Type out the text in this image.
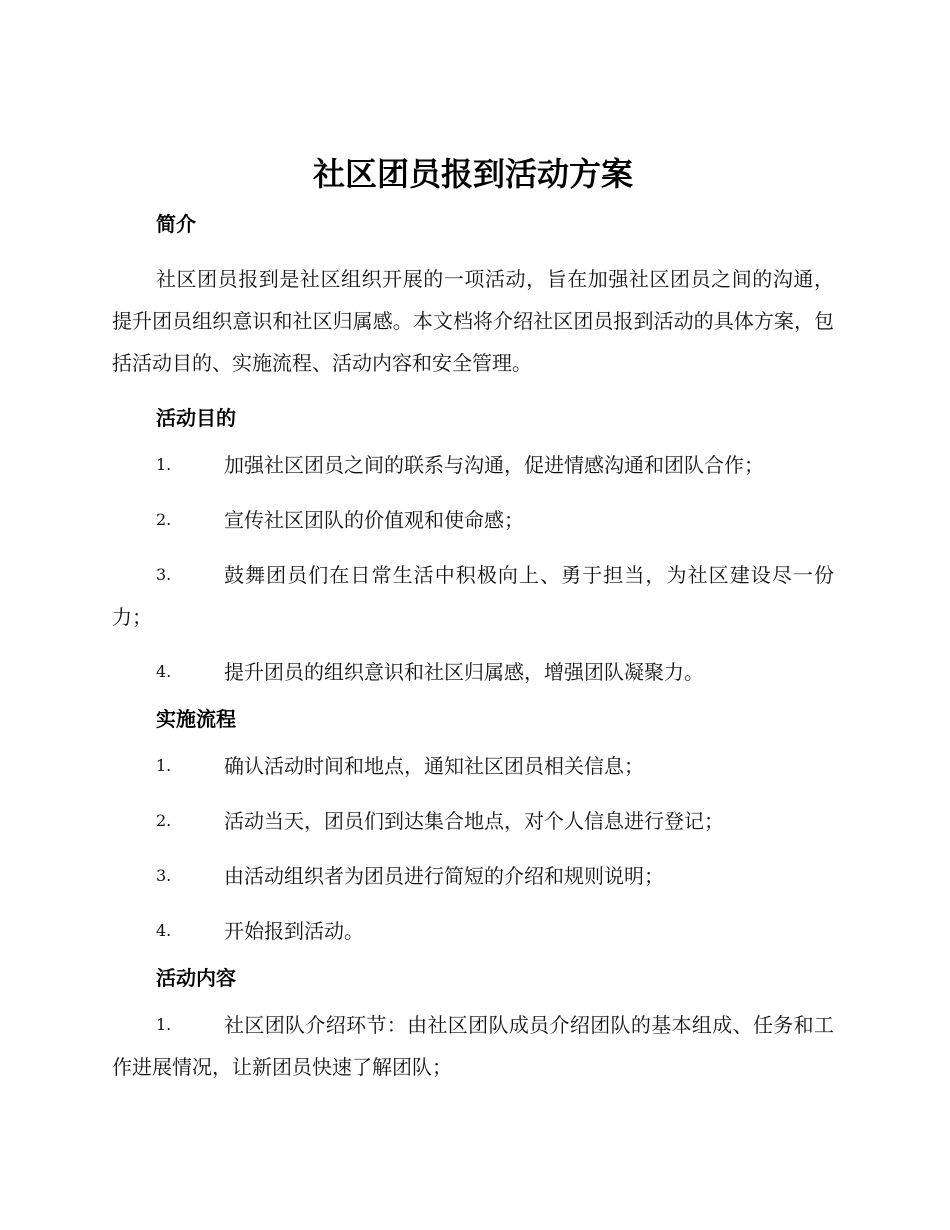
社区团员报到活动方案
简介

社区团员报到是社区组织开展的一项活动，旨在加强社区团员之间的沟通，提升团员组织意识和社区归属感。本文档将介绍社区团员报到活动的具体方案，包括活动目的、实施流程、活动内容和安全管理。

活动目的
1.	加强社区团员之间的联系与沟通，促进情感沟通和团队合作；
2.	宣传社区团队的价值观和使命感；
3.	鼓舞团员们在日常生活中积极向上、勇于担当，为社区建设尽一份力；
4.	提升团员的组织意识和社区归属感，增强团队凝聚力。
实施流程
1.	确认活动时间和地点，通知社区团员相关信息；
2.	活动当天，团员们到达集合地点，对个人信息进行登记；
3.	由活动组织者为团员进行简短的介绍和规则说明；
4.	开始报到活动。
活动内容
1.	社区团队介绍环节：由社区团队成员介绍团队的基本组成、任务和工作进展情况，让新团员快速了解团队；
